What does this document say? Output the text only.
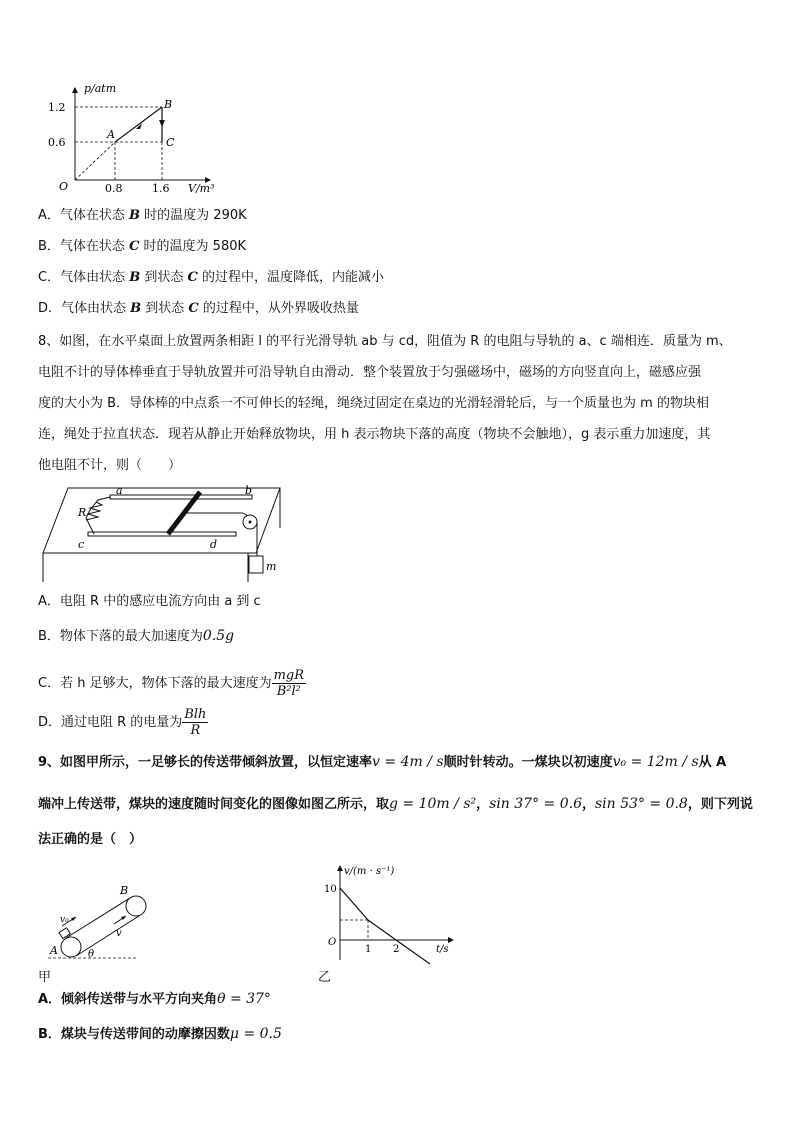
p/atm
V/m³
O
1.2
0.6
0.8	1.6
A
B
C
A．气体在状态 B 时的温度为 290K
B．气体在状态 C 时的温度为 580K
C．气体由状态 B 到状态 C 的过程中，温度降低，内能减小
D．气体由状态 B 到状态 C 的过程中，从外界吸收热量
8、如图，在水平桌面上放置两条相距 l 的平行光滑导轨 ab 与 cd，阻值为 R 的电阻与导轨的 a、c 端相连．质量为 m、
电阻不计的导体棒垂直于导轨放置并可沿导轨自由滑动．整个装置放于匀强磁场中，磁场的方向竖直向上，磁感应强
度的大小为 B．导体棒的中点系一不可伸长的轻绳，绳绕过固定在桌边的光滑轻滑轮后，与一个质量也为 m 的物块相
连，绳处于拉直状态．现若从静止开始释放物块，用 h 表示物块下落的高度（物块不会触地），g 表示重力加速度，其
他电阻不计，则（　　）
a	b
c	d
R
m
A．电阻 R 中的感应电流方向由 a 到 c
B．物体下落的最大加速度为0.5g
C．若 h 足够大，物体下落的最大速度为 $\frac{\text{mgR}}{\text{B²l²}}$
D．通过电阻 R 的电量为 $\frac{\text{Blh}}{R}$
9、如图甲所示，一足够长的传送带倾斜放置，以恒定速率v = 4m / s顺时针转动。一煤块以初速度v₀ = 12m / s从 A
端冲上传送带，煤块的速度随时间变化的图像如图乙所示，取g = 10m / s²，sin 37° = 0.6，sin 53° = 0.8，则下列说
法正确的是（　）
v₀
v
A
B
θ
甲
v/(m · s⁻¹)
t/s
O
10
1 2
乙
A．倾斜传送带与水平方向夹角θ = 37°
B．煤块与传送带间的动摩擦因数μ = 0.5
